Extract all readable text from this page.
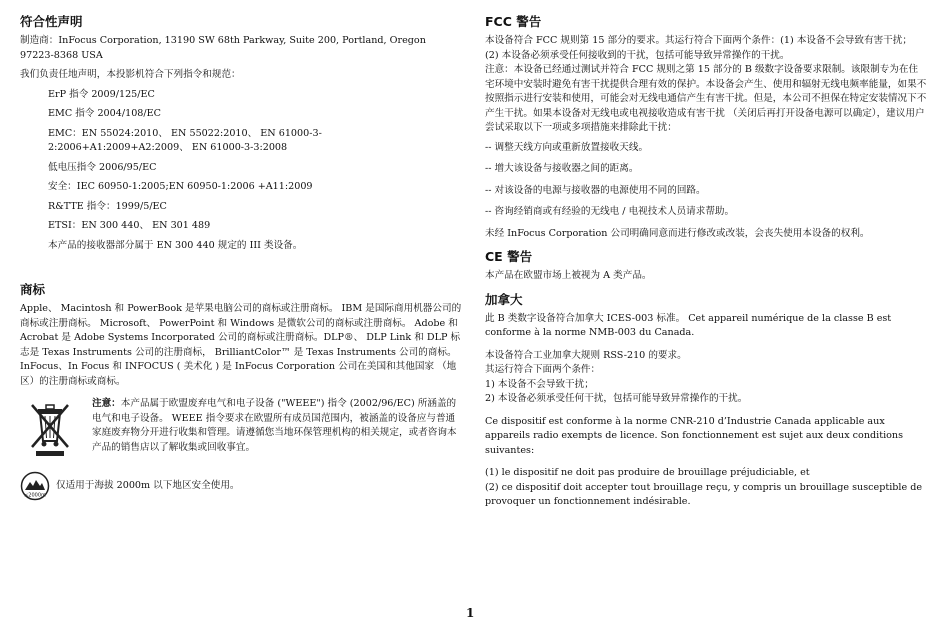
符合性声明

制造商：InFocus Corporation, 13190 SW 68th Parkway, Suite 200, Portland, Oregon 97223-8368 USA

我们负责任地声明，本投影机符合下列指令和规范：

ErP 指令 2009/125/EC

EMC 指令 2004/108/EC

EMC：EN 55024:2010、 EN 55022:2010、 EN 61000-3-2:2006+A1:2009+A2:2009、 EN 61000-3-3:2008

低电压指令 2006/95/EC

安全：IEC 60950-1:2005;EN 60950-1:2006 +A11:2009

R&TTE 指令：1999/5/EC

ETSI：EN 300 440、 EN 301 489

本产品的接收器部分属于 EN 300 440 规定的 III 类设备。

商标

Apple、 Macintosh 和 PowerBook 是苹果电脑公司的商标或注册商标。 IBM 是国际商用机器公司的商标或注册商标。 Microsoft、 PowerPoint 和 Windows 是微软公司的商标或注册商标。 Adobe 和 Acrobat 是 Adobe Systems Incorporated 公司的商标或注册商标。DLP®、 DLP Link 和 DLP 标志是 Texas Instruments 公司的注册商标， BrilliantColor™ 是 Texas Instruments 公司的商标。InFocus、In Focus 和 INFOCUS ( 美术化 ) 是 InFocus Corporation 公司在美国和其他国家 （地区）的注册商标或商标。

注意：本产品属于欧盟废弃电气和电子设备 ("WEEE") 指令 (2002/96/EC) 所涵盖的电气和电子设备。 WEEE 指令要求在欧盟所有成员国范围内，被涵盖的设备应与普通家庭废弃物分开进行收集和管理。请遵循您当地环保管理机构的相关规定，或者咨询本产品的销售店以了解收集或回收事宜。

≤2000m

仅适用于海拔 2000m 以下地区安全使用。

FCC 警告

本设备符合 FCC 规则第 15 部分的要求。其运行符合下面两个条件：(1) 本设备不会导致有害干扰； (2) 本设备必须承受任何接收到的干扰，包括可能导致异常操作的干扰。

注意：本设备已经通过测试并符合 FCC 规则之第 15 部分的 B 级数字设备要求限制。该限制专为在住宅环境中安装时避免有害干扰提供合理有效的保护。本设备会产生、使用和辐射无线电频率能量，如果不按照指示进行安装和使用，可能会对无线电通信产生有害干扰。但是，本公司不担保在特定安装情况下不产生干扰。如果本设备对无线电或电视接收造成有害干扰 （关闭后再打开设备电源可以确定），建议用户尝试采取以下一项或多项措施来排除此干扰：

-- 调整天线方向或重新放置接收天线。

-- 增大该设备与接收器之间的距离。

-- 对该设备的电源与接收器的电源使用不同的回路。

-- 咨询经销商或有经验的无线电 / 电视技术人员请求帮助。

未经 InFocus Corporation 公司明确同意而进行修改或改装，会丧失使用本设备的权利。

CE 警告

本产品在欧盟市场上被视为 A 类产品。

加拿大

此 B 类数字设备符合加拿大 ICES-003 标准。 Cet appareil numérique de la classe B est conforme à la norme NMB-003 du Canada.

本设备符合工业加拿大规则 RSS-210 的要求。

其运行符合下面两个条件：

1) 本设备不会导致干扰；

2) 本设备必须承受任何干扰，包括可能导致异常操作的干扰。

Ce dispositif est conforme à la norme CNR-210 d’Industrie Canada applicable aux appareils radio exempts de licence. Son fonctionnement est sujet aux deux conditions suivantes:

(1) le dispositif ne doit pas produire de brouillage préjudiciable, et

(2) ce dispositif doit accepter tout brouillage reçu, y compris un brouillage susceptible de provoquer un fonctionnement indésirable.

1
